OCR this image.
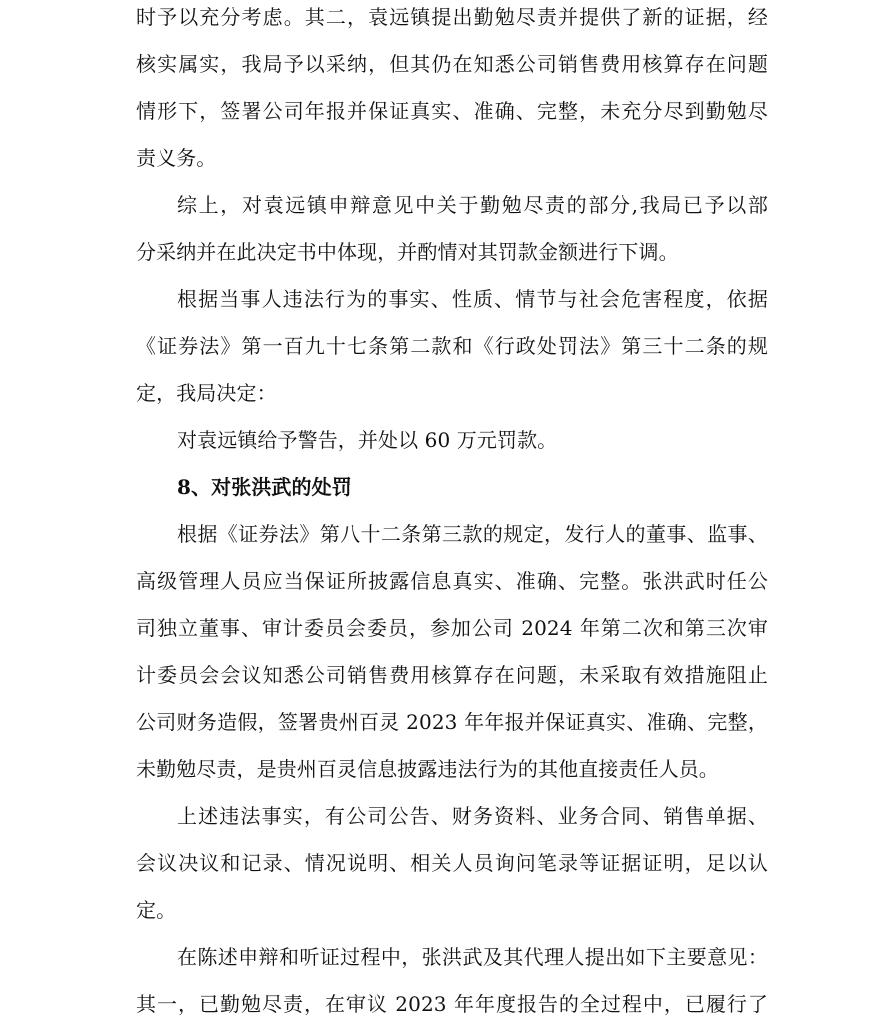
时予以充分考虑。其二，袁远镇提出勤勉尽责并提供了新的证据，经
核实属实，我局予以采纳，但其仍在知悉公司销售费用核算存在问题
情形下，签署公司年报并保证真实、准确、完整，未充分尽到勤勉尽
责义务。
综上，对袁远镇申辩意见中关于勤勉尽责的部分,我局已予以部
分采纳并在此决定书中体现，并酌情对其罚款金额进行下调。
根据当事人违法行为的事实、性质、情节与社会危害程度，依据
《证券法》第一百九十七条第二款和《行政处罚法》第三十二条的规
定，我局决定：
对袁远镇给予警告，并处以 60 万元罚款。
8、对张洪武的处罚
根据《证券法》第八十二条第三款的规定，发行人的董事、监事、
高级管理人员应当保证所披露信息真实、准确、完整。张洪武时任公
司独立董事、审计委员会委员，参加公司 2024 年第二次和第三次审
计委员会会议知悉公司销售费用核算存在问题，未采取有效措施阻止
公司财务造假，签署贵州百灵 2023 年年报并保证真实、准确、完整，
未勤勉尽责，是贵州百灵信息披露违法行为的其他直接责任人员。
上述违法事实，有公司公告、财务资料、业务合同、销售单据、
会议决议和记录、情况说明、相关人员询问笔录等证据证明，足以认
定。
在陈述申辩和听证过程中，张洪武及其代理人提出如下主要意见：
其一，已勤勉尽责，在审议 2023 年年度报告的全过程中，已履行了
